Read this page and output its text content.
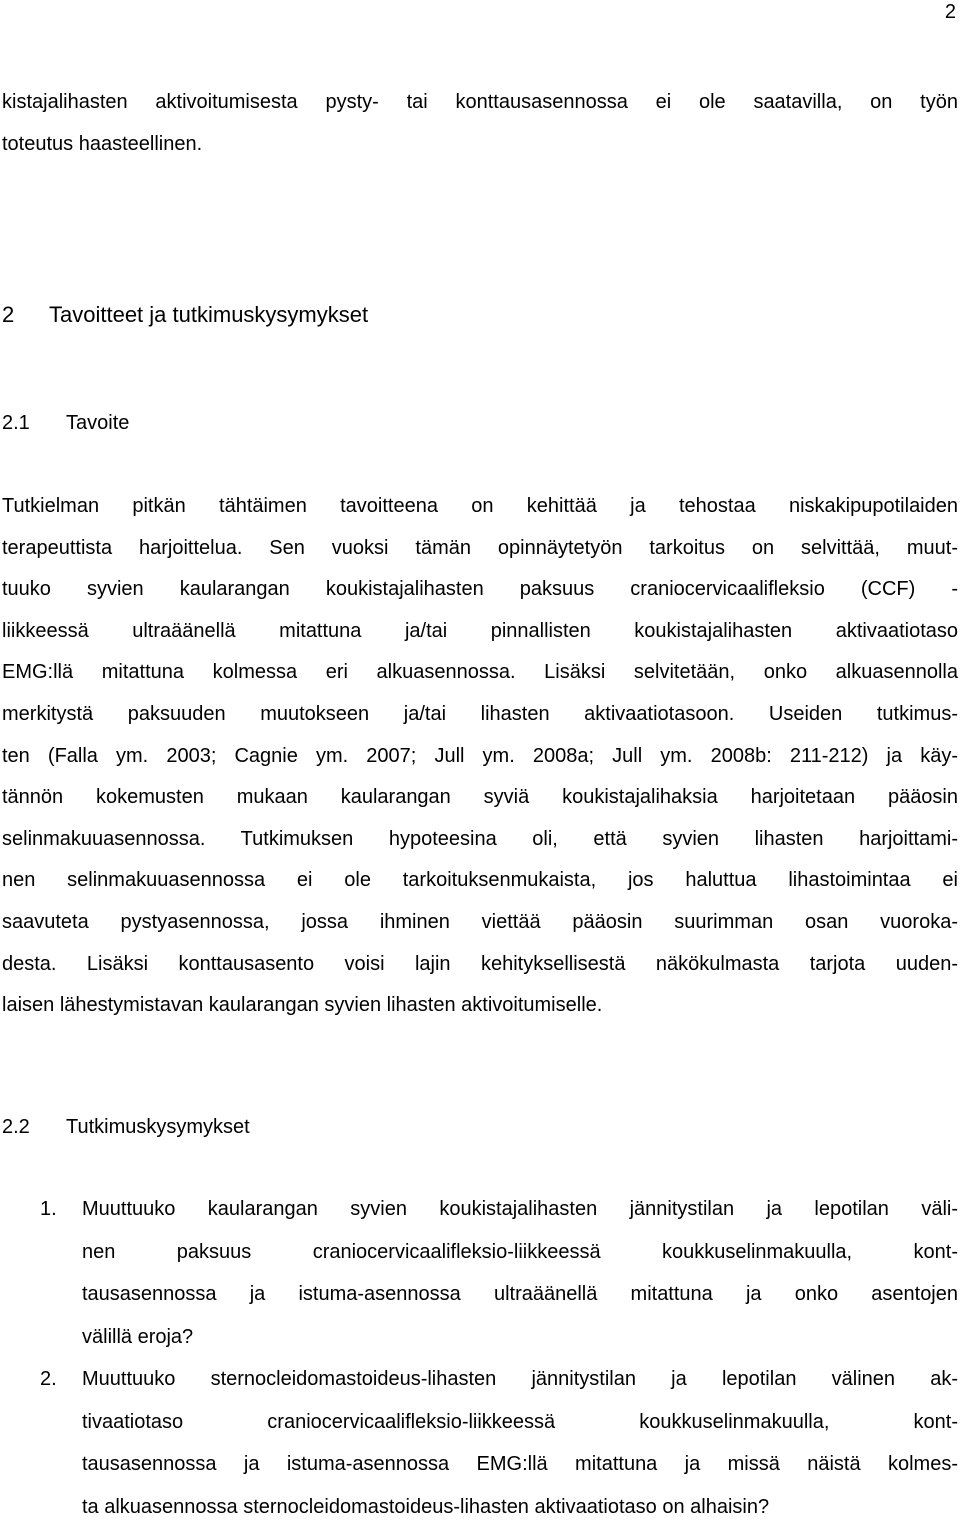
2
kistajalihasten aktivoitumisesta pysty- tai konttausasennossa ei ole saatavilla, on työn
toteutus haasteellinen.
2 Tavoitteet ja tutkimuskysymykset
2.1 Tavoite
Tutkielman pitkän tähtäimen tavoitteena on kehittää ja tehostaa niskakipupotilaiden
terapeuttista harjoittelua. Sen vuoksi tämän opinnäytetyön tarkoitus on selvittää, muut-
tuuko syvien kaularangan koukistajalihasten paksuus craniocervicaalifleksio (CCF) -
liikkeessä ultraäänellä mitattuna ja/tai pinnallisten koukistajalihasten aktivaatiotaso
EMG:llä mitattuna kolmessa eri alkuasennossa. Lisäksi selvitetään, onko alkuasennolla
merkitystä paksuuden muutokseen ja/tai lihasten aktivaatiotasoon. Useiden tutkimus-
ten (Falla ym. 2003; Cagnie ym. 2007; Jull ym. 2008a; Jull ym. 2008b: 211-212) ja käy-
tännön kokemusten mukaan kaularangan syviä koukistajalihaksia harjoitetaan pääosin
selinmakuuasennossa. Tutkimuksen hypoteesina oli, että syvien lihasten harjoittami-
nen selinmakuuasennossa ei ole tarkoituksenmukaista, jos haluttua lihastoimintaa ei
saavuteta pystyasennossa, jossa ihminen viettää pääosin suurimman osan vuoroka-
desta. Lisäksi konttausasento voisi lajin kehityksellisestä näkökulmasta tarjota uuden-
laisen lähestymistavan kaularangan syvien lihasten aktivoitumiselle.
2.2 Tutkimuskysymykset
1. Muuttuuko kaularangan syvien koukistajalihasten jännitystilan ja lepotilan väli-
nen paksuus craniocervicaalifleksio-liikkeessä koukkuselinmakuulla, kont-
tausasennossa ja istuma-asennossa ultraäänellä mitattuna ja onko asentojen
välillä eroja?
2. Muuttuuko sternocleidomastoideus-lihasten jännitystilan ja lepotilan välinen ak-
tivaatiotaso craniocervicaalifleksio-liikkeessä koukkuselinmakuulla, kont-
tausasennossa ja istuma-asennossa EMG:llä mitattuna ja missä näistä kolmes-
ta alkuasennossa sternocleidomastoideus-lihasten aktivaatiotaso on alhaisin?
